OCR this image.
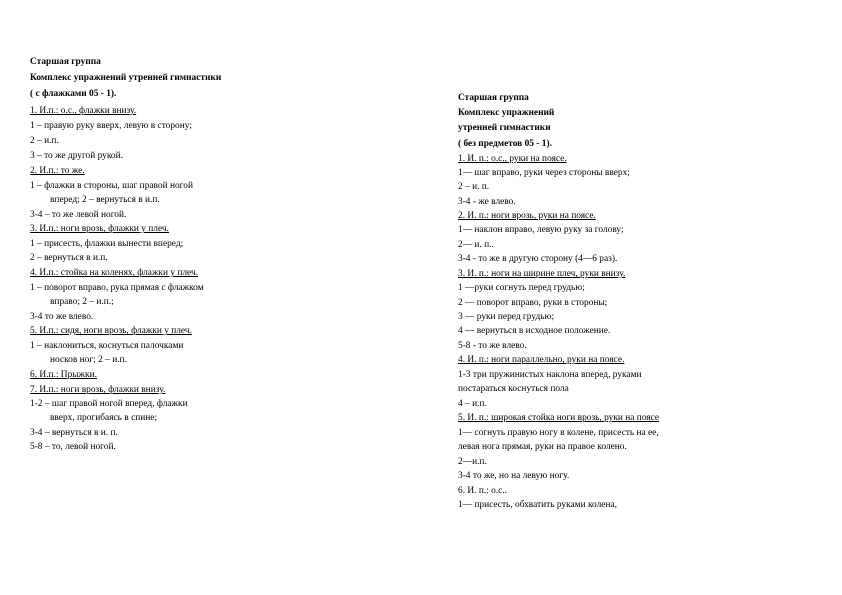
Старшая группа
Комплекс упражнений утренней гимнастики
( с флажками 05 - 1).
1. И.п.: о.с., флажки внизу.
1 – правую руку вверх, левую в сторону;
2 – и.п.
3 – то же другой рукой.
2. И.п.: то же.
1 – флажки в стороны, шаг правой ногой
вперед; 2 – вернуться в и.п.
3-4 – то же левой ногой.
3. И.п.: ноги врозь, флажки у плеч.
1 – присесть, флажки вынести вперед;
2 – вернуться в и.п.
4. И.п.: стойка на коленях, флажки у плеч.
1 – поворот вправо, рука прямая с флажком
вправо; 2 – и.п.;
3-4 то же влево.
5. И.п.: сидя, ноги врозь, флажки у плеч.
1 – наклониться, коснуться палочками
носков ног; 2 – и.п.
6. И.п.: Прыжки.
7. И.п.: ноги врозь, флажки внизу.
1-2 – шаг правой ногой вперед, флажки
вверх, прогибаясь в спине;
3-4 – вернуться в и. п.
5-8 – то, левой ногой.
Старшая группа
Комплекс упражнений
утренней гимнастики
( без предметов 05 - 1).
1. И. п.: о.с., руки на поясе.
1— шаг вправо, руки через стороны вверх;
2 – и. п.
3-4 - же влево.
2. И. п.: ноги врозь, руки на поясе.
1— наклон вправо, левую руку за голову;
2— и. п..
3-4 - то же в другую сторону (4—6 раз).
3. И. п.: ноги на ширине плеч, руки внизу.
1 —руки согнуть перед грудью;
2 — поворот вправо, руки в стороны;
3 — руки перед грудью;
4 — вернуться в исходное положение.
5-8 - то же влево.
4. И. п.: ноги параллельно, руки на поясе.
1-3 три пружинистых наклона вперед, руками
постараться коснуться пола
4 – и.п.
5. И. п.: широкая стойка ноги врозь, руки на поясе
1— согнуть правую ногу в колене, присесть на ее,
левая нога прямая, руки на правое колено.
2—и.п.
3-4 то же, но на левую ногу.
6. И. п.: о.с..
1— присесть, обхватить руками колена,
